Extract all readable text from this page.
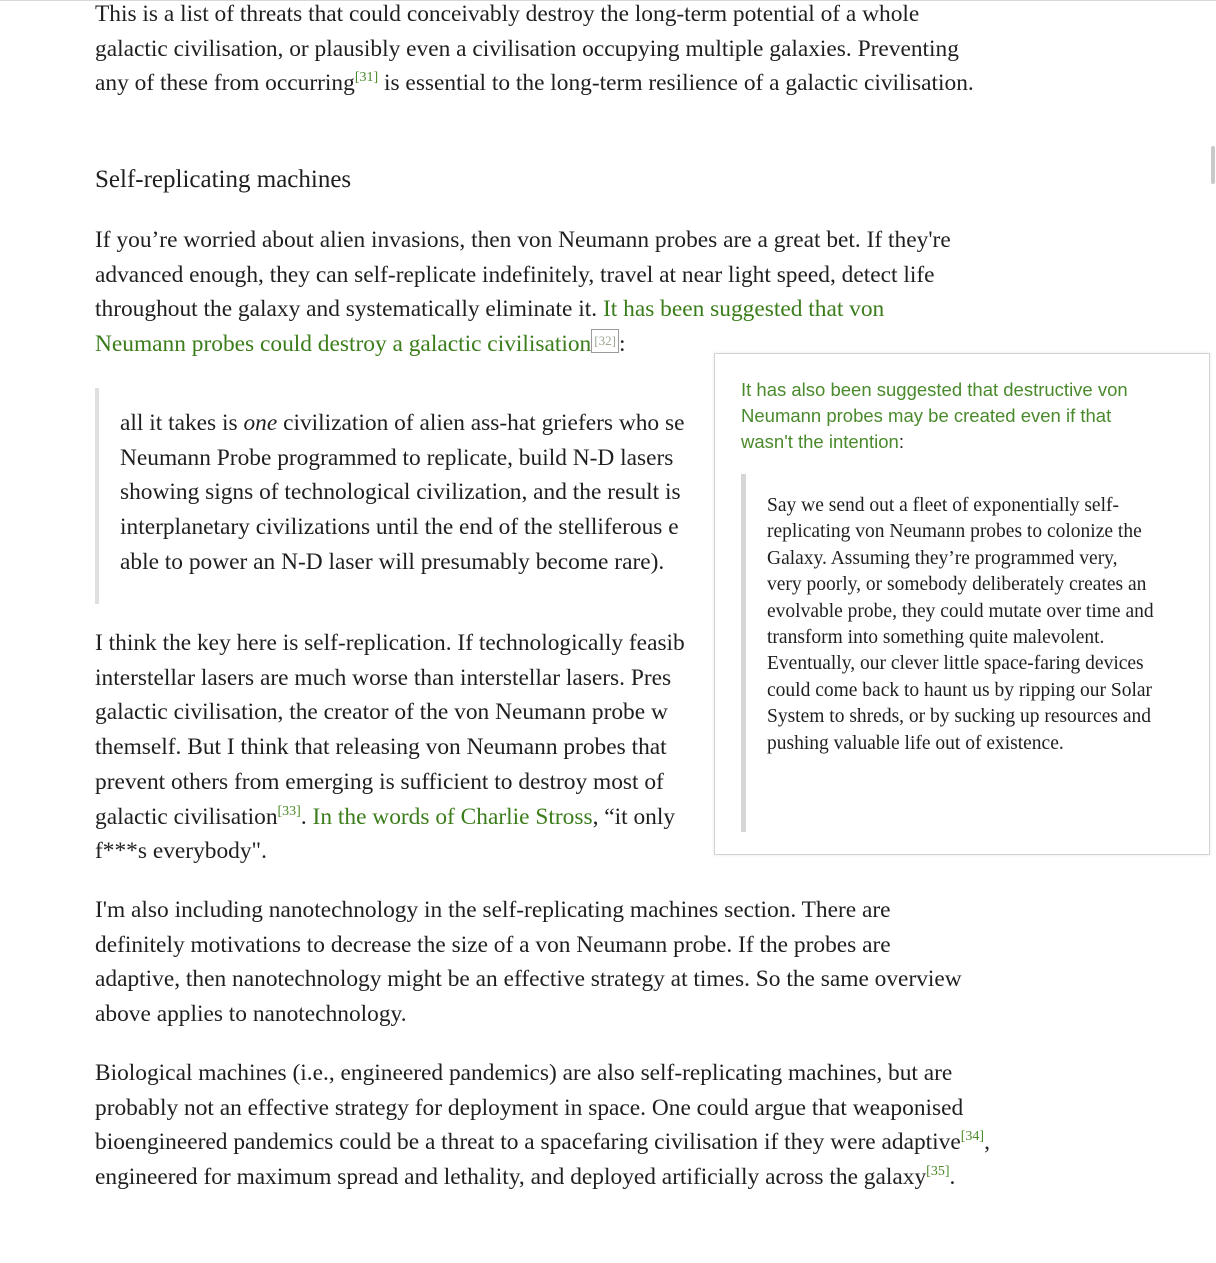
This is a list of threats that could conceivably destroy the long-term potential of a whole galactic civilisation, or plausibly even a civilisation occupying multiple galaxies. Preventing any of these from occurring[31] is essential to the long-term resilience of a galactic civilisation.

Self-replicating machines

If you’re worried about alien invasions, then von Neumann probes are a great bet. If they're advanced enough, they can self-replicate indefinitely, travel at near light speed, detect life throughout the galaxy and systematically eliminate it. It has been suggested that von Neumann probes could destroy a galactic civilisation [32] :

all it takes is one civilization of alien ass-hat griefers who se
Neumann Probe programmed to replicate, build N-D lasers
showing signs of technological civilization, and the result is
interplanetary civilizations until the end of the stelliferous e
able to power an N-D laser will presumably become rare).

I think the key here is self-replication. If technologically feasib
interstellar lasers are much worse than interstellar lasers. Pres
galactic civilisation, the creator of the von Neumann probe w
themself. But I think that releasing von Neumann probes that
prevent others from emerging is sufficient to destroy most of
galactic civilisation[33]. In the words of Charlie Stross, “it only
f***s everybody".

I'm also including nanotechnology in the self-replicating machines section. There are definitely motivations to decrease the size of a von Neumann probe. If the probes are adaptive, then nanotechnology might be an effective strategy at times. So the same overview above applies to nanotechnology.

Biological machines (i.e., engineered pandemics) are also self-replicating machines, but are probably not an effective strategy for deployment in space. One could argue that weaponised bioengineered pandemics could be a threat to a spacefaring civilisation if they were adaptive[34], engineered for maximum spread and lethality, and deployed artificially across the galaxy[35].

It has also been suggested that destructive von Neumann probes may be created even if that wasn't the intention:

Say we send out a fleet of exponentially self-replicating von Neumann probes to colonize the Galaxy. Assuming they’re programmed very, very poorly, or somebody deliberately creates an evolvable probe, they could mutate over time and transform into something quite malevolent. Eventually, our clever little space-faring devices could come back to haunt us by ripping our Solar System to shreds, or by sucking up resources and pushing valuable life out of existence.
